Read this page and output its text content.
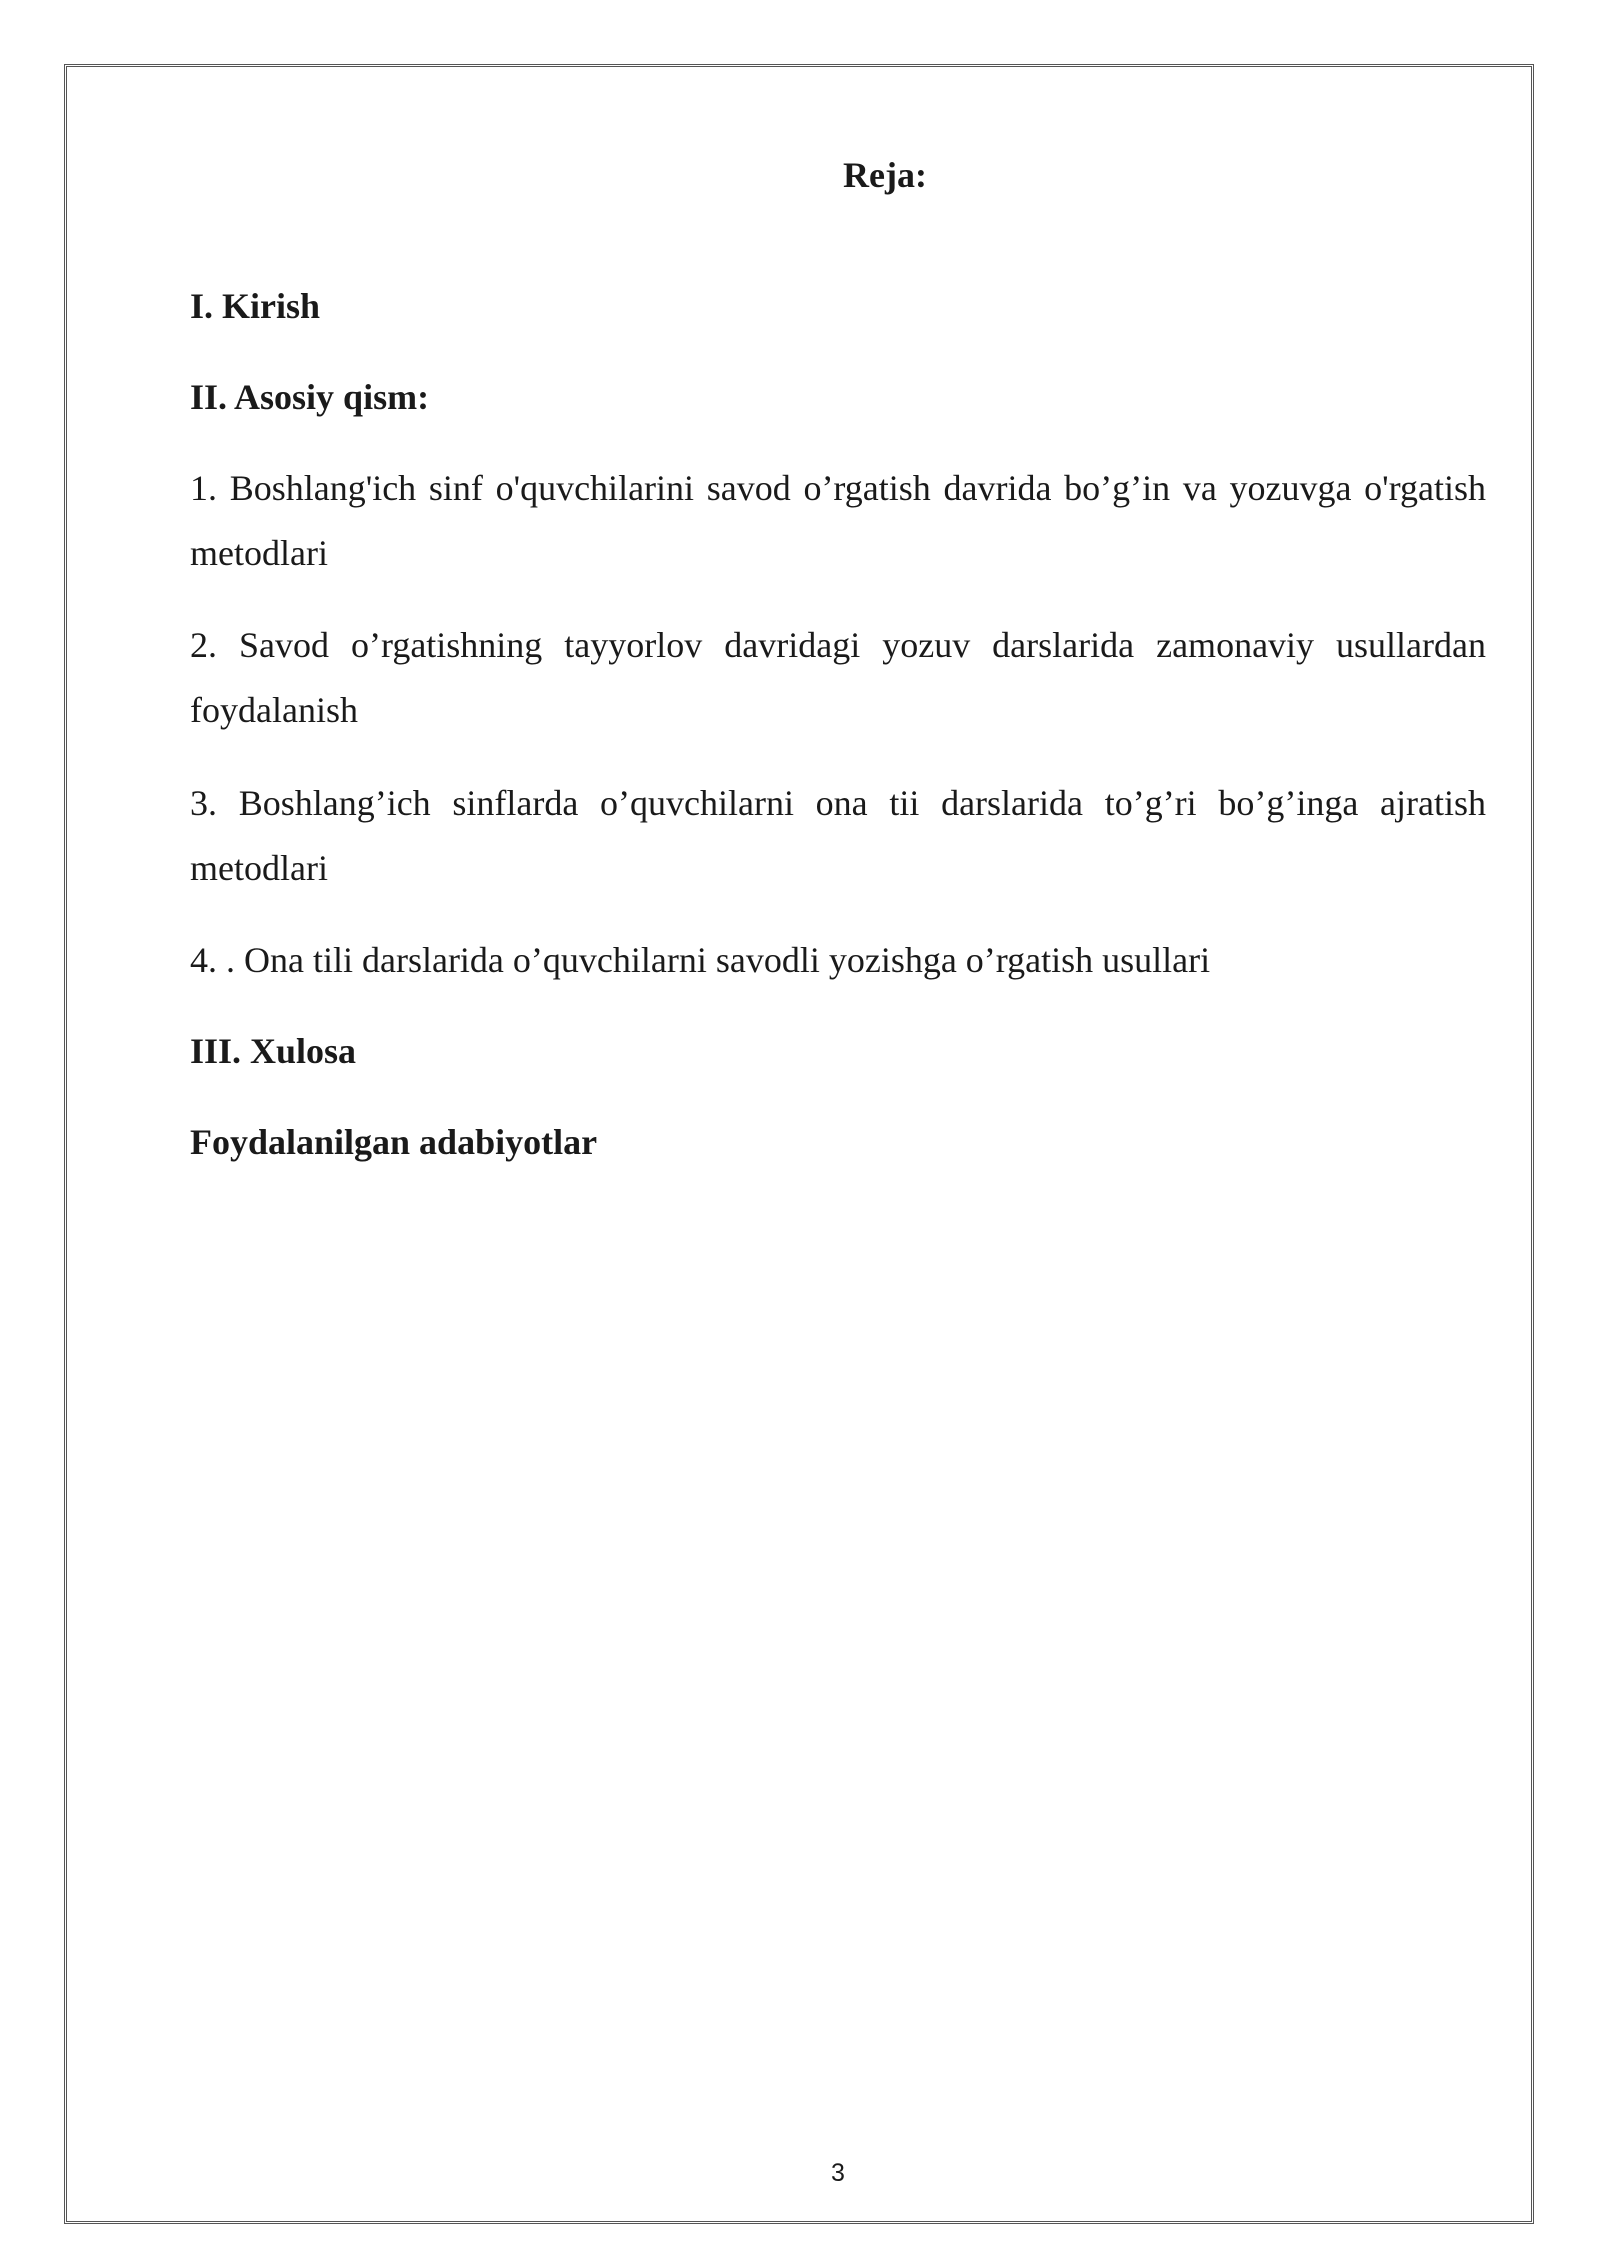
Reja:
I. Kirish
II. Asosiy qism:
1. Boshlang'ich sinf o'quvchilarini savod o’rgatish davrida bo’g’in va yozuvga o'rgatish metodlari
2. Savod o’rgatishning tayyorlov davridagi yozuv darslarida zamonaviy usullardan foydalanish
3. Boshlang’ich sinflarda o’quvchilarni ona tii darslarida to’g’ri bo’g’inga ajratish metodlari
4. . Ona tili darslarida o’quvchilarni savodli yozishga o’rgatish usullari
III. Xulosa
Foydalanilgan adabiyotlar
3
